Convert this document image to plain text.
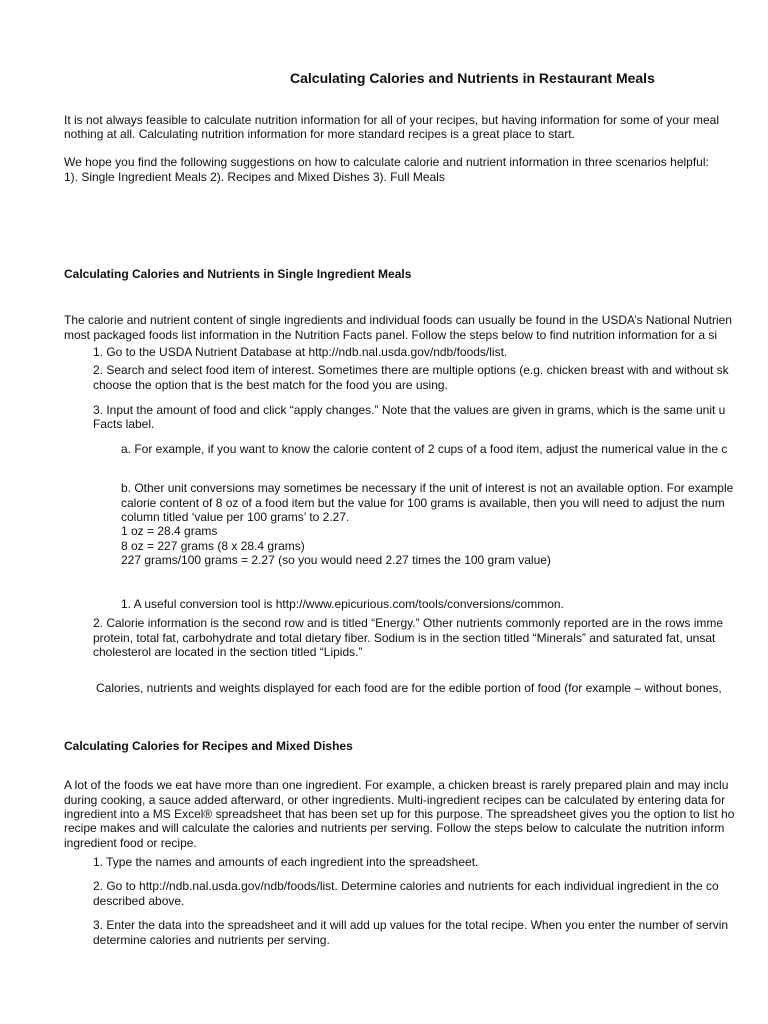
Calculating Calories and Nutrients in Restaurant Meals
It is not always feasible to calculate nutrition information for all of your recipes, but having information for some of your meal
nothing at all. Calculating nutrition information for more standard recipes is a great place to start.
We hope you find the following suggestions on how to calculate calorie and nutrient information in three scenarios helpful:
1). Single Ingredient Meals 2). Recipes and Mixed Dishes 3). Full Meals
Calculating Calories and Nutrients in Single Ingredient Meals
The calorie and nutrient content of single ingredients and individual foods can usually be found in the USDA’s National Nutrien
most packaged foods list information in the Nutrition Facts panel. Follow the steps below to find nutrition information for a si
1. Go to the USDA Nutrient Database at http://ndb.nal.usda.gov/ndb/foods/list.
2. Search and select food item of interest. Sometimes there are multiple options (e.g. chicken breast with and without sk
choose the option that is the best match for the food you are using.
3. Input the amount of food and click “apply changes.” Note that the values are given in grams, which is the same unit u
Facts label.
a. For example, if you want to know the calorie content of 2 cups of a food item, adjust the numerical value in the c
b. Other unit conversions may sometimes be necessary if the unit of interest is not an available option. For example
calorie content of 8 oz of a food item but the value for 100 grams is available, then you will need to adjust the num
column titled ‘value per 100 grams’ to 2.27.
1 oz = 28.4 grams
8 oz = 227 grams (8 x 28.4 grams)
227 grams/100 grams = 2.27 (so you would need 2.27 times the 100 gram value)
1. A useful conversion tool is http://www.epicurious.com/tools/conversions/common.
2. Calorie information is the second row and is titled “Energy.” Other nutrients commonly reported are in the rows imme
protein, total fat, carbohydrate and total dietary fiber. Sodium is in the section titled “Minerals” and saturated fat, unsat
cholesterol are located in the section titled “Lipids.”
Calories, nutrients and weights displayed for each food are for the edible portion of food (for example – without bones,
Calculating Calories for Recipes and Mixed Dishes
A lot of the foods we eat have more than one ingredient. For example, a chicken breast is rarely prepared plain and may inclu
during cooking, a sauce added afterward, or other ingredients. Multi-ingredient recipes can be calculated by entering data for
ingredient into a MS Excel® spreadsheet that has been set up for this purpose. The spreadsheet gives you the option to list ho
recipe makes and will calculate the calories and nutrients per serving. Follow the steps below to calculate the nutrition inform
ingredient food or recipe.
1. Type the names and amounts of each ingredient into the spreadsheet.
2. Go to http://ndb.nal.usda.gov/ndb/foods/list. Determine calories and nutrients for each individual ingredient in the co
described above.
3. Enter the data into the spreadsheet and it will add up values for the total recipe. When you enter the number of servin
determine calories and nutrients per serving.
